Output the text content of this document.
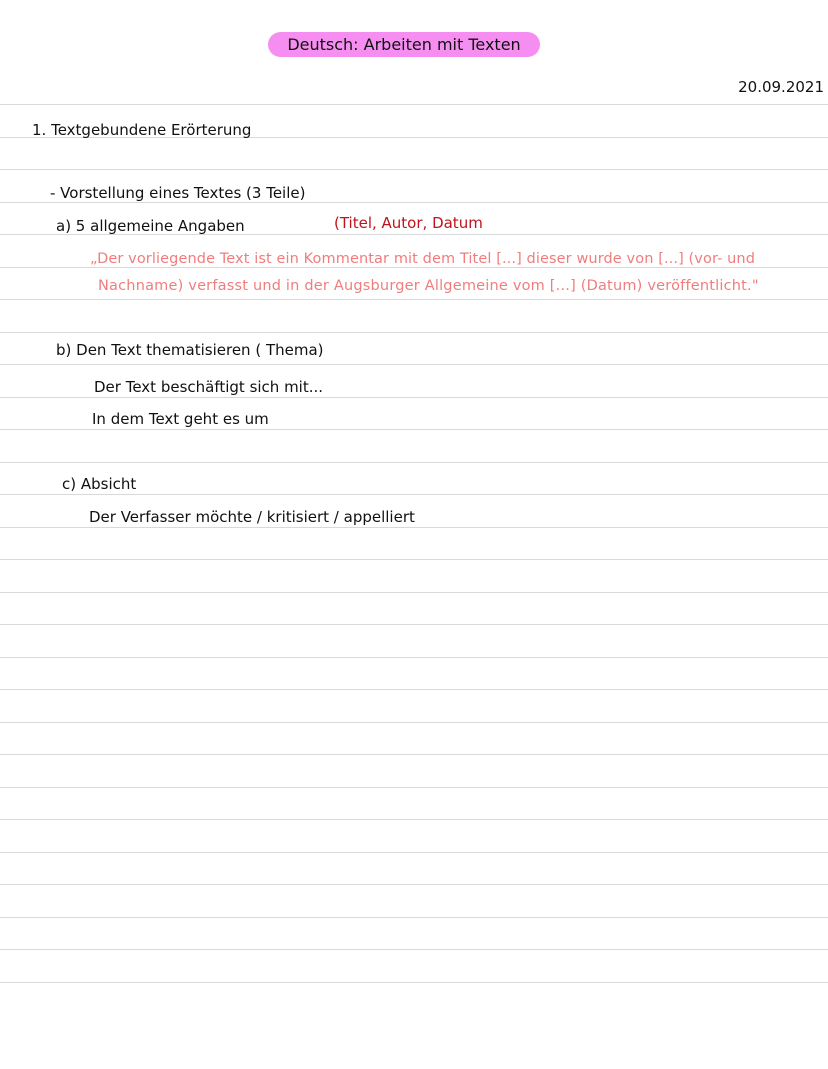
Deutsch: Arbeiten mit Texten
20.09.2021
1. Textgebundene Erörterung
- Vorstellung eines Textes (3 Teile)
a) 5 allgemeine Angaben	(Titel, Autor, Datum
„Der vorliegende Text ist ein Kommentar mit dem Titel [...] dieser wurde von [...] (vor- und
Nachname) verfasst und in der Augsburger Allgemeine vom [...] (Datum) veröffentlicht."
b) Den Text thematisieren ( Thema)
Der Text beschäftigt sich mit...
In dem Text geht es um
c) Absicht
Der Verfasser möchte / kritisiert / appelliert
